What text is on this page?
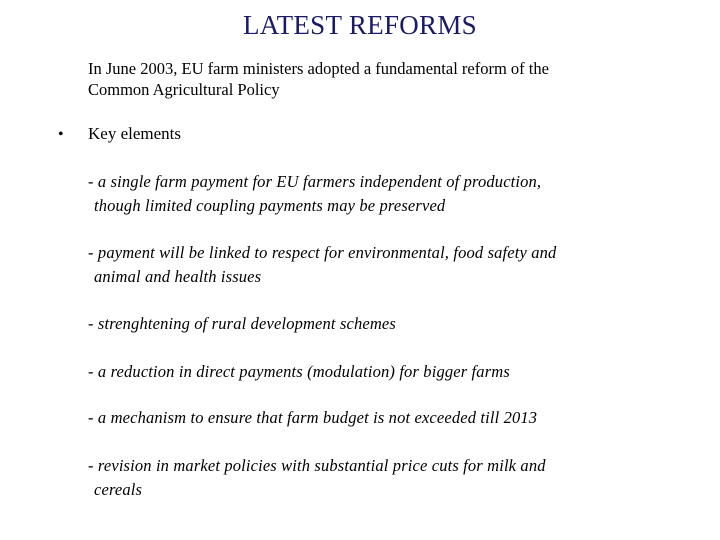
LATEST REFORMS
In June 2003, EU farm ministers adopted a fundamental reform of the
Common Agricultural Policy
• Key elements
- a single farm payment for EU farmers independent of production,
though limited coupling payments may be preserved
- payment will be linked to respect for environmental, food safety and
animal and health issues
- strenghtening of rural development schemes
- a reduction in direct payments (modulation) for bigger farms
- a mechanism to ensure that farm budget is not exceeded till 2013
- revision in market policies with substantial price cuts for milk and
cereals
